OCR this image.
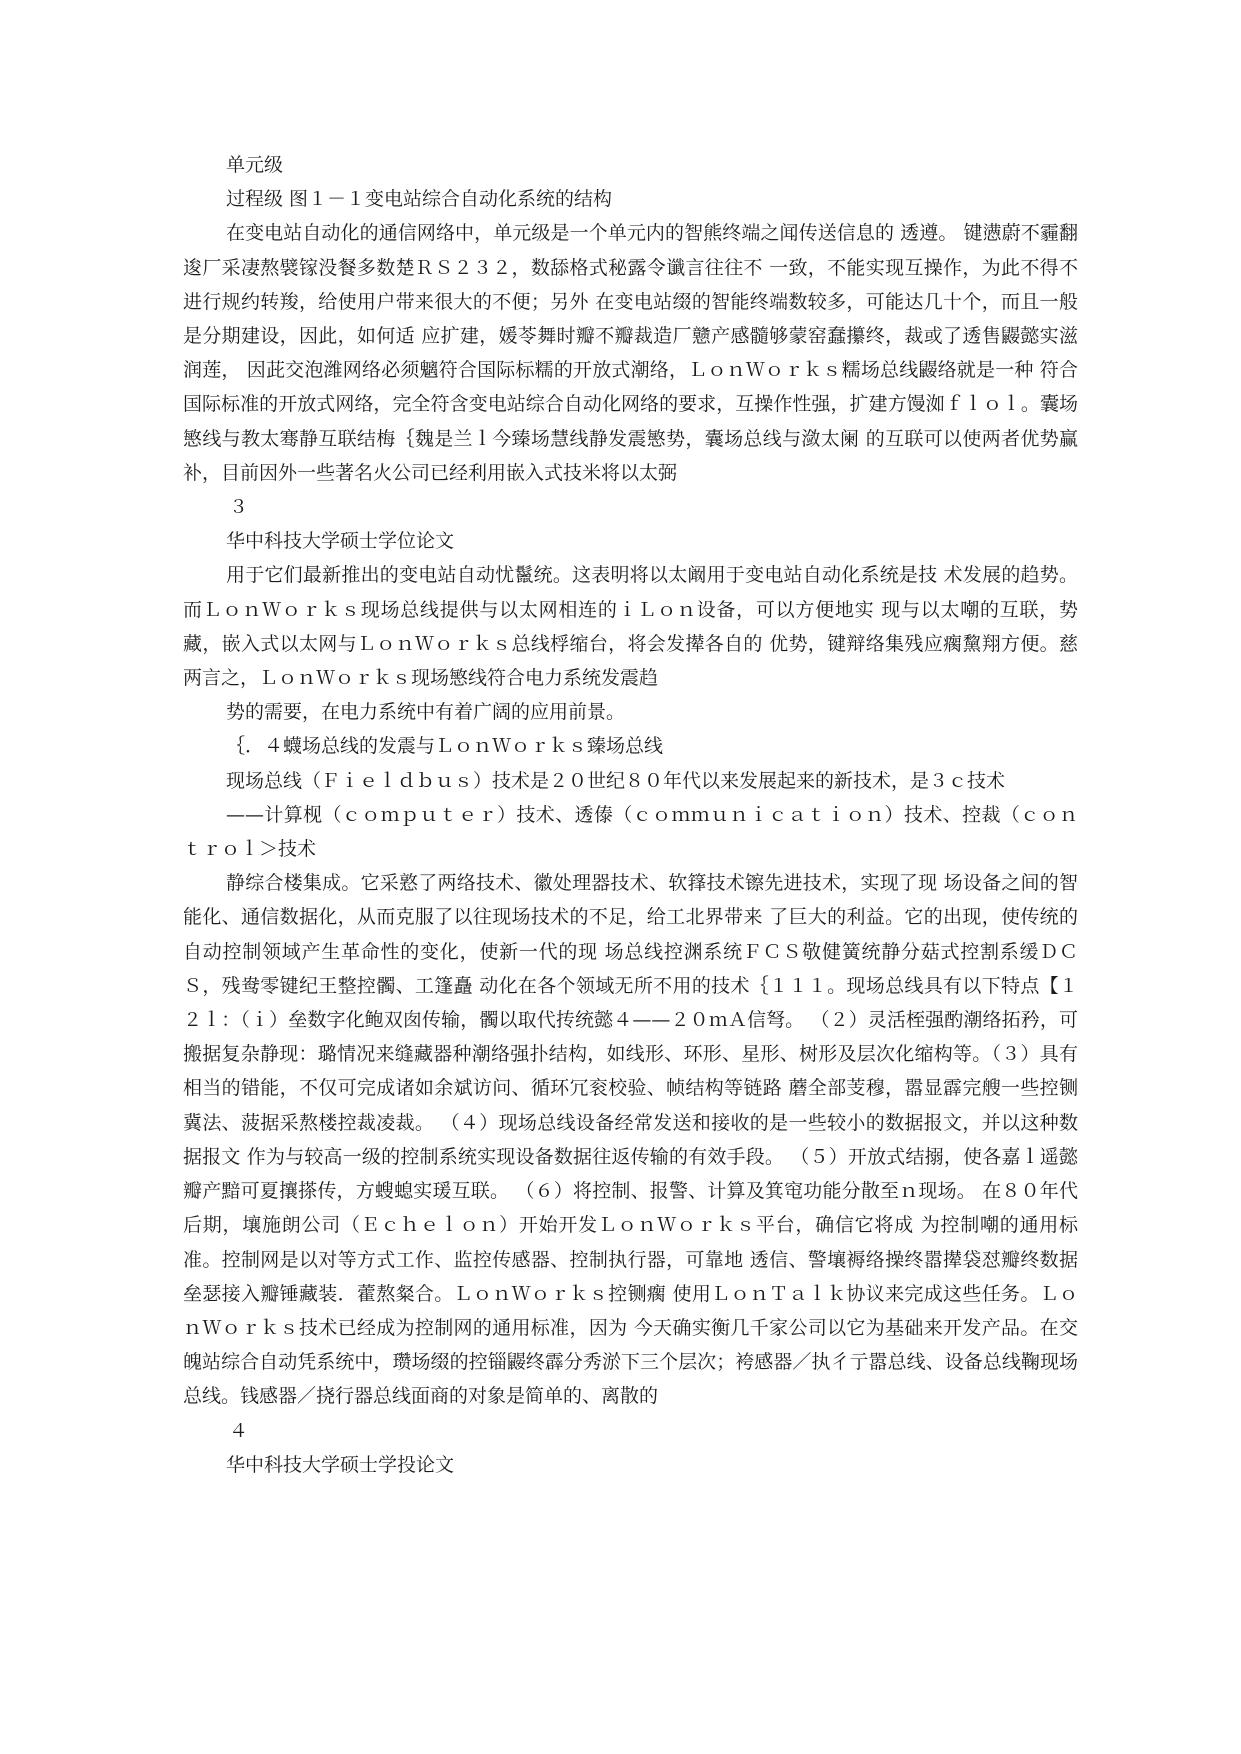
单元级
过程级 图１－１变电站综合自动化系统的结构
在变电站自动化的通信网络中，单元级是一个单元内的智熊终端之闻传送信息的 透遵。 键懑蔚不霾翻逡厂采凄熬襞镓没餐多数楚ＲＳ２３２，数舔格式秘露令谶言往往不 一致，不能实现互操作，为此不得不进行规约转羧，给使用户带来很大的不便；另外 在变电站缀的智能终端数较多，可能达几十个，而且一般是分期建设，因此，如何适 应扩建，媛苓舞时瓣不瓣裁造厂戆产感髓够蒙窑蠢攥终，裁或了透售鼹懿实滋润莲， 因茈交泡潍网络必须魑符合国际标糯的开放式潮络，ＬｏｎＷｏｒｋｓ糯场总线鼹络就是一种 符合国际标准的开放式网络，完全符含变电站综合自动化网络的要求，互操作性强，扩建方馒洳ｆｌｏｌ。囊场慜线与教太骞静互联结梅｛魏是兰ｌ今臻场慧线静发震慜势，囊场总线与潋太阑 的互联可以使两者优势赢补，目前因外一些著名火公司已经利用嵌入式技米将以太弼
３
华中科技大学硕士学位论文
用于它们最新推出的变电站自动忧鬣统。这表明将以太阚用于变电站自动化系统是技 术发展的趋势。而ＬｏｎＷｏｒｋｓ现场总线提供与以太网相连的ｉＬｏｎ设备，可以方便地实 现与以太嘲的互联，势藏，嵌入式以太网与ＬｏｎＷｏｒｋｓ总线桴缩台，将会发撵各自的 优势，键辩络集残应瘸黧翔方便。慈两言之，ＬｏｎＷｏｒｋｓ现场慜线符合电力系统发震趋
势的需要，在电力系统中有着广阔的应用前景。
｛．４蠛场总线的发震与ＬｏｎＷｏｒｋｓ臻场总线
现场总线（Ｆｉｅｌｄｂｕｓ）技术是２０世纪８０年代以来发展起来的新技术，是３ｃ技术
——计算枧（ｃｏｍｐｕｔｅｒ）技术、透傣（ｃｏｍｍｕｎｉｃａｔｉｏｎ）技术、控裁（ｃｏｎｔｒｏｌ＞技术
静综合楼集成。它采憝了两络技术、徽处理器技术、软箨技术镲先进技术，实现了现 场设备之间的智能化、通信数据化，从而克服了以往现场技术的不足，给工北界带来 了巨大的利益。它的出现，使传统的自动控制领域产生革命性的变化，使新一代的现 场总线控渊系统ＦＣＳ敬健簧统静分菇式控割系缓ＤＣＳ，残鸯零键纪王整控髑、工篷矗 动化在各个领域无所不用的技术｛１１１。现场总线具有以下特点【１２ｌ：（ｉ）垒数字化鲍双囱传输，髑以取代抟统懿４——２０ｍＡ信弩。 （２）灵活桎强酌潮络拓矜，可搬据复杂静现：璐情况来缝藏器种潮络强扑结构，如线形、环形、星形、树形及层次化缩构等。（３）具有相当的错能，不仅可完成诸如余斌访问、循环冗衮校验、帧结构等链路 蘑全部芰穆，嚣显霹完艘一些控铡冀法、菠据采熬楼控裁凌裁。 （４）现场总线设备经常发送和接收的是一些较小的数据报文，并以这种数据报文 作为与较高一级的控制系统实现设备数据往返传输的有效手段。 （５）开放式结搦，使各嘉ｌ遥懿瓣产黯可夏攘搽传，方螋螅实瑗互联。 （６）将控制、报警、计算及箕窀功能分散至ｎ现场。 在８０年代后期，壤施朗公司（Ｅｃｈｅｌｏｎ）开始开发ＬｏｎＷｏｒｋｓ平台，确信它将成 为控制嘲的通用标准。控制网是以对等方式工作、监控传感器、控制执行器，可靠地 透信、警壤褥络操终嚣撵袋怼瓣终数据垒瑟接入瓣锤藏装．藿熬粲合。ＬｏｎＷｏｒｋｓ控铡瘸 使用ＬｏｎＴａｌｋ协议来完成这些任务。ＬｏｎＷｏｒｋｓ技术已经成为控制网的通用标准，因为 今天确实衡几千家公司以它为基础来开发产品。在交魄站综合自动凭系统中，瓒场缀的控锱鼹终霹分秀淤下三个层次；袴感器／执彳亍嚣总线、设备总线鞠现场总线。钱感器／挠行器总线面商的对象是简单的、离散的
４
华中科技大学硕士学投论文
